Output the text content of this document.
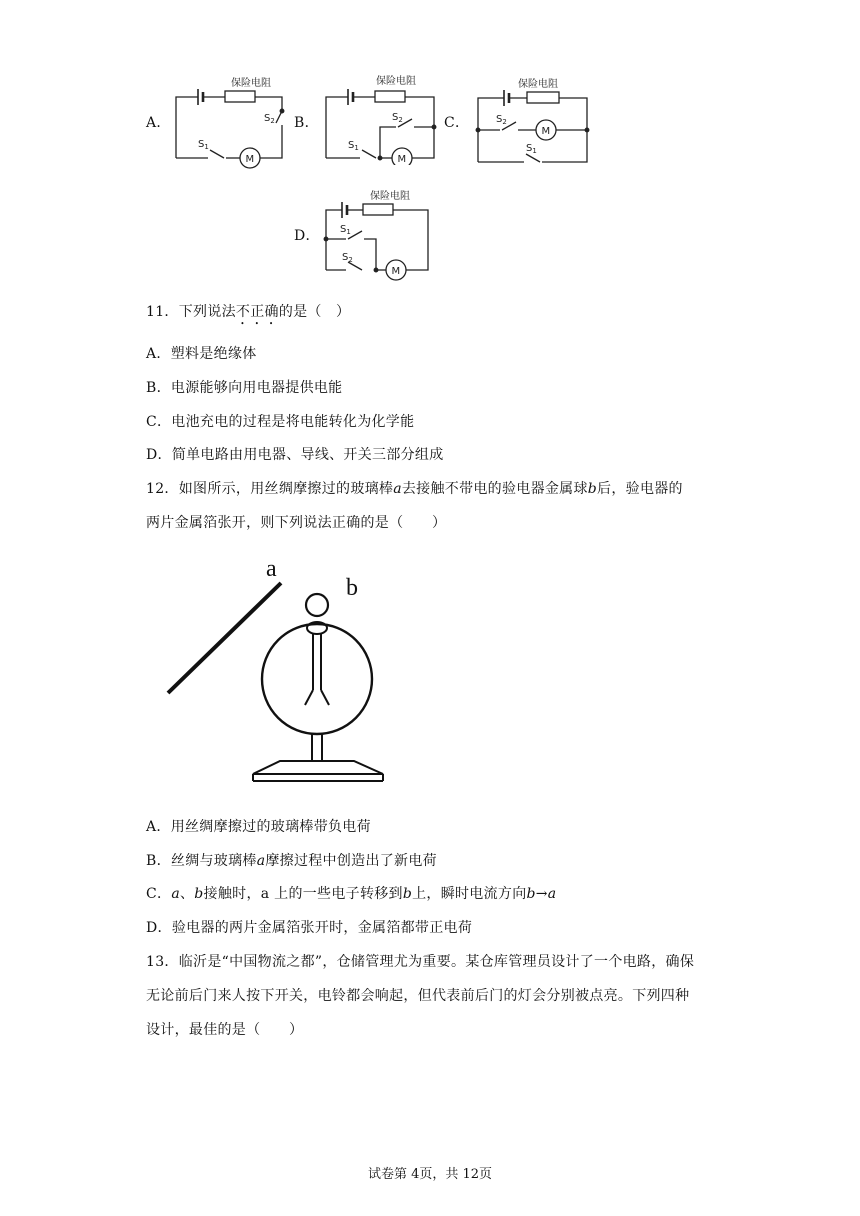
A．	B．	C．
D．
保险电阻
$S_2$
$S_1$
M
保险电阻
$S_2$
$S_1$
M
保险电阻
$S_2$
$S_1$
M
保险电阻
$S_1$
$S_2$
M
11．下列说法不正确的是（　）
A．塑料是绝缘体
B．电源能够向用电器提供电能
C．电池充电的过程是将电能转化为化学能
D．简单电路由用电器、导线、开关三部分组成
12．如图所示，用丝绸摩擦过的玻璃棒a去接触不带电的验电器金属球b后，验电器的
两片金属箔张开，则下列说法正确的是（　　）
a
b
A．用丝绸摩擦过的玻璃棒带负电荷
B．丝绸与玻璃棒a摩擦过程中创造出了新电荷
C．a、b接触时，a 上的一些电子转移到b上，瞬时电流方向b→a
D．验电器的两片金属箔张开时，金属箔都带正电荷
13．临沂是“中国物流之都”，仓储管理尤为重要。某仓库管理员设计了一个电路，确保
无论前后门来人按下开关，电铃都会响起，但代表前后门的灯会分别被点亮。下列四种
设计，最佳的是（　　）
试卷第 4页，共 12页
